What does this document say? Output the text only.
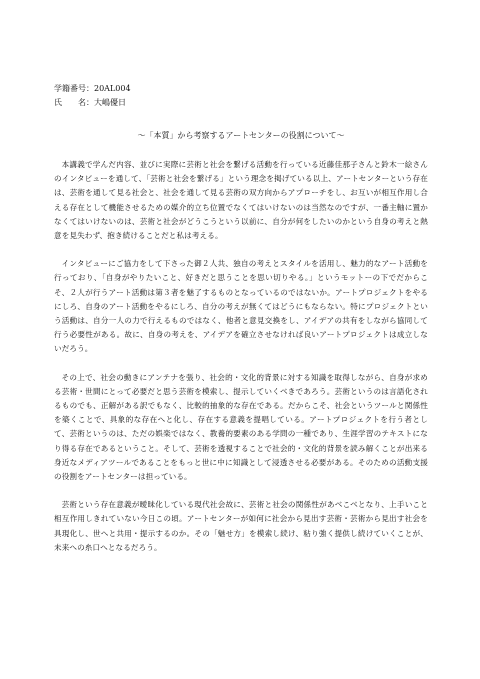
学籍番号：20AL004
氏　　名：大嶋優日
〜「本質」から考察するアートセンターの役割について〜

本講義で学んだ内容、並びに実際に芸術と社会を繋げる活動を行っている近藤佳那子さんと鈴木一絵さんのインタビューを通して、「芸術と社会を繋げる」という理念を掲げている以上、アートセンターという存在は、芸術を通して見る社会と、社会を通して見る芸術の双方向からアプローチをし、お互いが相互作用し合える存在として機能させるための媒介的立ち位置でなくてはいけないのは当然なのですが、一番主軸に置かなくてはいけないのは、芸術と社会がどうこうという以前に、自分が何をしたいのかという自身の考えと熱意を見失わず、抱き続けることだと私は考える。

インタビューにご協力をして下さった御２人共、独自の考えとスタイルを活用し、魅力的なアート活動を行っており、「自身がやりたいこと、好きだと思うことを思い切りやる。」というモットーの下でだからこそ、２人が行うアート活動は第３者を魅了するものとなっているのではないか。アートプロジェクトをやるにしろ、自身のアート活動をやるにしろ、自分の考えが無くてはどうにもならない。特にプロジェクトという活動は、自分一人の力で行えるものではなく、他者と意見交換をし、アイデアの共有をしながら協同して行う必要性がある。故に、自身の考えを、アイデアを確立させなければ良いアートプロジェクトは成立しないだろう。

その上で、社会の動きにアンテナを張り、社会的・文化的背景に対する知識を取得しながら、自身が求める芸術・世間にとって必要だと思う芸術を模索し、提示していくべきであろう。芸術というのは言語化されるものでも、正解がある訳でもなく、比較的抽象的な存在である。だからこそ、社会というツールと関係性を築くことで、具象的な存在へと化し、存在する意義を提唱している。アートプロジェクトを行う者として、芸術というのは、ただの娯楽ではなく、教養的要素のある学問の一種であり、生涯学習のテキストになり得る存在であるということ。そして、芸術を透視することで社会的・文化的背景を読み解くことが出来る身近なメディアツールであることをもっと世に中に知識として浸透させる必要がある。そのための活動支援の役割をアートセンターは担っている。

芸術という存在意義が曖昧化している現代社会故に、芸術と社会の関係性があべこべとなり、上手いこと相互作用しきれていない今日この頃。アートセンターが如何に社会から見出す芸術・芸術から見出す社会を具現化し、世へと共用・提示するのか。その「魅せ方」を模索し続け、粘り強く提供し続けていくことが、未来への糸口へとなるだろう。
